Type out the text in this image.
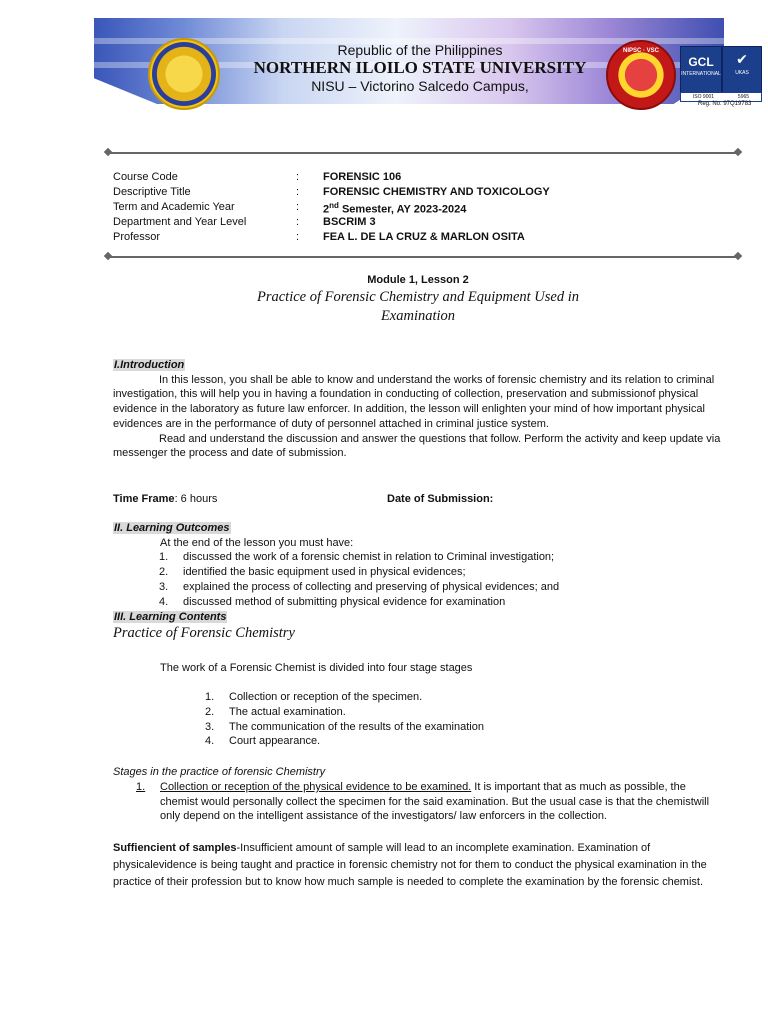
NIPSC · VSC
GCL
INTERNATIONAL
✔
UKAS
ISO 9001	5965
Reg. No. 97Q19783
Republic of the Philippines
NORTHERN ILOILO STATE UNIVERSITY
NISU – Victorino Salcedo Campus,
Course Code	: FORENSIC 106
Descriptive Title	: FORENSIC CHEMISTRY AND TOXICOLOGY
Term and Academic Year	: 2nd Semester, AY 2023-2024
Department and Year Level	: BSCRIM 3
Professor	: FEA L. DE LA CRUZ & MARLON OSITA
Module 1, Lesson 2
Practice of Forensic Chemistry and Equipment Used in
Examination

I.Introduction

In this lesson, you shall be able to know and understand the works of forensic chemistry and its relation to criminal investigation, this will help you in having a foundation in conducting of collection, preservation and submissionof physical evidence in the laboratory as future law enforcer. In addition, the lesson will enlighten your mind of how important physical evidences are in the performance of duty of personnel attached in criminal justice system.

Read and understand the discussion and answer the questions that follow. Perform the activity and keep update via messenger the process and date of submission.

Time Frame: 6 hours	Date of Submission:
II. Learning Outcomes
At the end of the lesson you must have:
1. discussed the work of a forensic chemist in relation to Criminal investigation;
2. identified the basic equipment used in physical evidences;
3. explained the process of collecting and preserving of physical evidences; and
4. discussed method of submitting physical evidence for examination
III. Learning Contents
Practice of Forensic Chemistry
The work of a Forensic Chemist is divided into four stage stages
1. Collection or reception of the specimen.
2. The actual examination.
3. The communication of the results of the examination
4. Court appearance.
Stages in the practice of forensic Chemistry
1. Collection or reception of the physical evidence to be examined. It is important that as much as possible, the chemist would personally collect the specimen for the said examination. But the usual case is that the chemistwill only depend on the intelligent assistance of the investigators/ law enforcers in the collection.

Suffiencient of samples-Insufficient amount of sample will lead to an incomplete examination. Examination of physicalevidence is being taught and practice in forensic chemistry not for them to conduct the physical examination in the practice of their profession but to know how much sample is needed to complete the examination by the forensic chemist.
